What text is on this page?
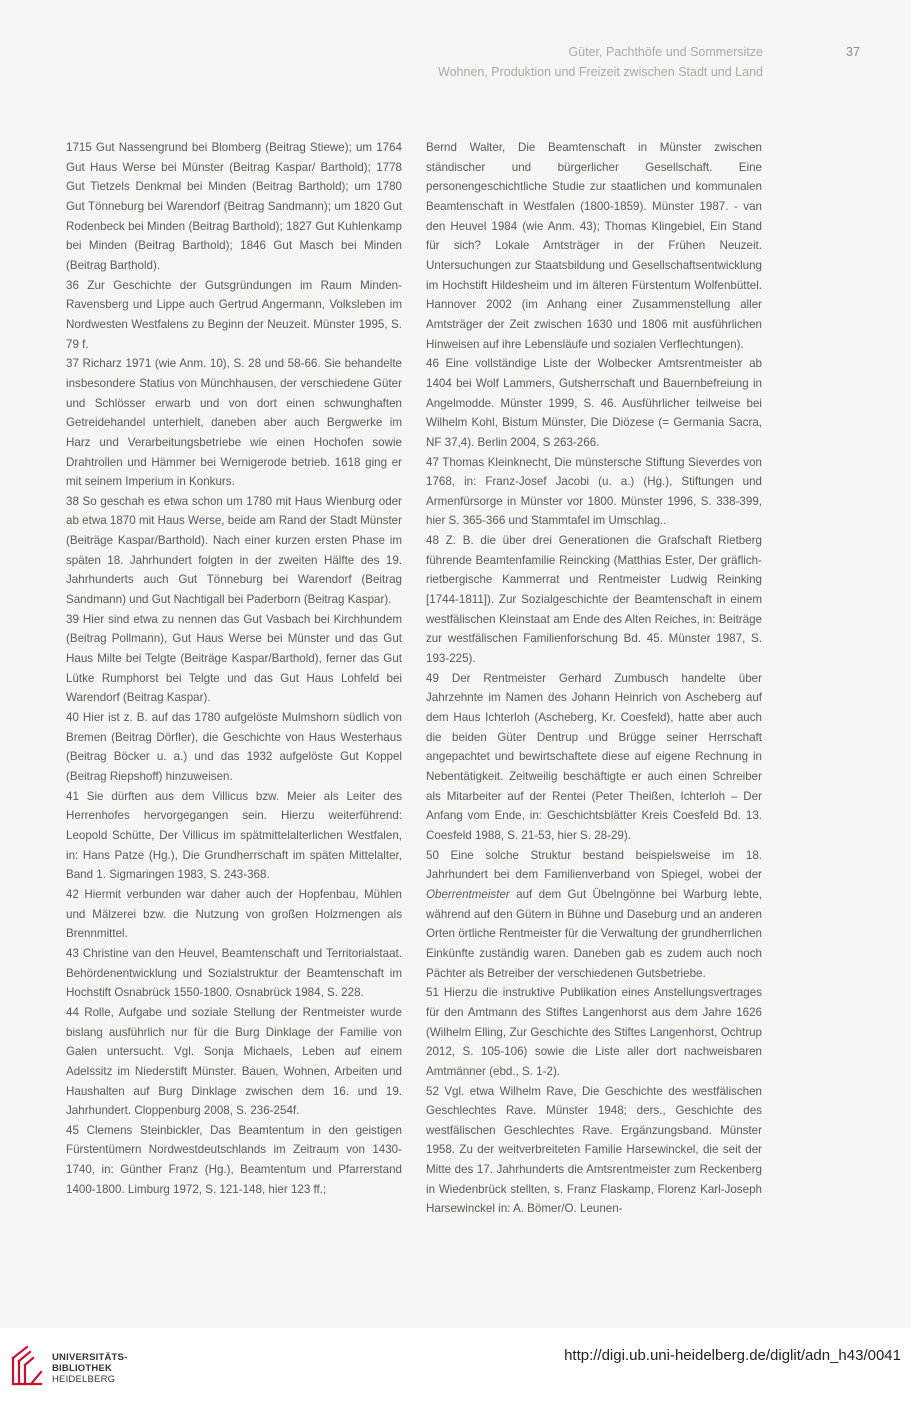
Güter, Pachthöfe und Sommersitze
Wohnen, Produktion und Freizeit zwischen Stadt und Land
37

1715 Gut Nassengrund bei Blomberg (Beitrag Stiewe); um 1764 Gut Haus Werse bei Münster (Beitrag Kaspar/ Barthold); 1778 Gut Tietzels Denkmal bei Minden (Beitrag Barthold); um 1780 Gut Tönneburg bei Warendorf (Beitrag Sandmann); um 1820 Gut Rodenbeck bei Minden (Beitrag Barthold); 1827 Gut Kuhlenkamp bei Minden (Beitrag Barthold); 1846 Gut Masch bei Minden (Beitrag Barthold).

36 Zur Geschichte der Gutsgründungen im Raum Minden-Ravensberg und Lippe auch Gertrud Angermann, Volksleben im Nordwesten Westfalens zu Beginn der Neuzeit. Münster 1995, S. 79 f.

37 Richarz 1971 (wie Anm. 10), S. 28 und 58-66. Sie behandelte insbesondere Statius von Münchhausen, der verschiedene Güter und Schlösser erwarb und von dort einen schwunghaften Getreidehandel unterhielt, daneben aber auch Bergwerke im Harz und Verarbeitungsbetriebe wie einen Hochofen sowie Drahtrollen und Hämmer bei Wernigerode betrieb. 1618 ging er mit seinem Imperium in Konkurs.

38 So geschah es etwa schon um 1780 mit Haus Wienburg oder ab etwa 1870 mit Haus Werse, beide am Rand der Stadt Münster (Beiträge Kaspar/Barthold). Nach einer kurzen ersten Phase im späten 18. Jahrhundert folgten in der zweiten Hälfte des 19. Jahrhunderts auch Gut Tönneburg bei Warendorf (Beitrag Sandmann) und Gut Nachtigall bei Paderborn (Beitrag Kaspar).

39 Hier sind etwa zu nennen das Gut Vasbach bei Kirchhundem (Beitrag Pollmann), Gut Haus Werse bei Münster und das Gut Haus Milte bei Telgte (Beiträge Kaspar/Barthold), ferner das Gut Lütke Rumphorst bei Telgte und das Gut Haus Lohfeld bei Warendorf (Beitrag Kaspar).

40 Hier ist z. B. auf das 1780 aufgelöste Mulmshorn südlich von Bremen (Beitrag Dörfler), die Geschichte von Haus Westerhaus (Beitrag Böcker u. a.) und das 1932 aufgelöste Gut Koppel (Beitrag Riepshoff) hinzuweisen.

41 Sie dürften aus dem Villicus bzw. Meier als Leiter des Herrenhofes hervorgegangen sein. Hierzu weiterführend: Leopold Schütte, Der Villicus im spätmittelalterlichen Westfalen, in: Hans Patze (Hg.), Die Grundherrschaft im späten Mittelalter, Band 1. Sigmaringen 1983, S. 243-368.

42 Hiermit verbunden war daher auch der Hopfenbau, Mühlen und Mälzerei bzw. die Nutzung von großen Holzmengen als Brennmittel.

43 Christine van den Heuvel, Beamtenschaft und Territorialstaat. Behördenentwicklung und Sozialstruktur der Beamtenschaft im Hochstift Osnabrück 1550-1800. Osnabrück 1984, S. 228.

44 Rolle, Aufgabe und soziale Stellung der Rentmeister wurde bislang ausführlich nur für die Burg Dinklage der Familie von Galen untersucht. Vgl. Sonja Michaels, Leben auf einem Adelssitz im Niederstift Münster. Bauen, Wohnen, Arbeiten und Haushalten auf Burg Dinklage zwischen dem 16. und 19. Jahrhundert. Cloppenburg 2008, S. 236-254f.

45 Clemens Steinbickler, Das Beamtentum in den geistigen Fürstentümern Nordwestdeutschlands im Zeitraum von 1430-1740, in: Günther Franz (Hg.), Beamtentum und Pfarrerstand 1400-1800. Limburg 1972, S. 121-148, hier 123 ff.;

Bernd Walter, Die Beamtenschaft in Münster zwischen ständischer und bürgerlicher Gesellschaft. Eine personengeschichtliche Studie zur staatlichen und kommunalen Beamtenschaft in Westfalen (1800-1859). Münster 1987. - van den Heuvel 1984 (wie Anm. 43); Thomas Klingebiel, Ein Stand für sich? Lokale Amtsträger in der Frühen Neuzeit. Untersuchungen zur Staatsbildung und Gesellschaftsentwicklung im Hochstift Hildesheim und im älteren Fürstentum Wolfenbüttel. Hannover 2002 (im Anhang einer Zusammenstellung aller Amtsträger der Zeit zwischen 1630 und 1806 mit ausführlichen Hinweisen auf ihre Lebensläufe und sozialen Verflechtungen).

46 Eine vollständige Liste der Wolbecker Amtsrentmeister ab 1404 bei Wolf Lammers, Gutsherrschaft und Bauernbefreiung in Angelmodde. Münster 1999, S. 46. Ausführlicher teilweise bei Wilhelm Kohl, Bistum Münster, Die Diözese (= Germania Sacra, NF 37,4). Berlin 2004, S 263-266.

47 Thomas Kleinknecht, Die münstersche Stiftung Sieverdes von 1768, in: Franz-Josef Jacobi (u. a.) (Hg.), Stiftungen und Armenfürsorge in Münster vor 1800. Münster 1996, S. 338-399, hier S. 365-366 und Stammtafel im Umschlag..

48 Z. B. die über drei Generationen die Grafschaft Rietberg führende Beamtenfamilie Reincking (Matthias Ester, Der gräflich-rietbergische Kammerrat und Rentmeister Ludwig Reinking [1744-1811]). Zur Sozialgeschichte der Beamtenschaft in einem westfälischen Kleinstaat am Ende des Alten Reiches, in: Beiträge zur westfälischen Familienforschung Bd. 45. Münster 1987, S. 193-225).

49 Der Rentmeister Gerhard Zumbusch handelte über Jahrzehnte im Namen des Johann Heinrich von Ascheberg auf dem Haus Ichterloh (Ascheberg, Kr. Coesfeld), hatte aber auch die beiden Güter Dentrup und Brügge seiner Herrschaft angepachtet und bewirtschaftete diese auf eigene Rechnung in Nebentätigkeit. Zeitweilig beschäftigte er auch einen Schreiber als Mitarbeiter auf der Rentei (Peter Theißen, Ichterloh – Der Anfang vom Ende, in: Geschichtsblätter Kreis Coesfeld Bd. 13. Coesfeld 1988, S. 21-53, hier S. 28-29).

50 Eine solche Struktur bestand beispielsweise im 18. Jahrhundert bei dem Familienverband von Spiegel, wobei der Oberrentmeister auf dem Gut Übelngönne bei Warburg lebte, während auf den Gütern in Bühne und Daseburg und an anderen Orten örtliche Rentmeister für die Verwaltung der grundherrlichen Einkünfte zuständig waren. Daneben gab es zudem auch noch Pächter als Betreiber der verschiedenen Gutsbetriebe.

51 Hierzu die instruktive Publikation eines Anstellungsvertrages für den Amtmann des Stiftes Langenhorst aus dem Jahre 1626 (Wilhelm Elling, Zur Geschichte des Stiftes Langenhorst, Ochtrup 2012, S. 105-106) sowie die Liste aller dort nachweisbaren Amtmänner (ebd., S. 1-2).

52 Vgl. etwa Wilhelm Rave, Die Geschichte des westfälischen Geschlechtes Rave. Münster 1948; ders., Geschichte des westfälischen Geschlechtes Rave. Ergänzungsband. Münster 1958. Zu der weitverbreiteten Familie Harsewinckel, die seit der Mitte des 17. Jahrhunderts die Amtsrentmeister zum Reckenberg in Wiedenbrück stellten, s. Franz Flaskamp, Florenz Karl-Joseph Harsewinckel in: A. Bömer/O. Leunen-

UNIVERSITÄTS-
BIBLIOTHEK
HEIDELBERG
http://digi.ub.uni-heidelberg.de/diglit/adn_h43/0041
